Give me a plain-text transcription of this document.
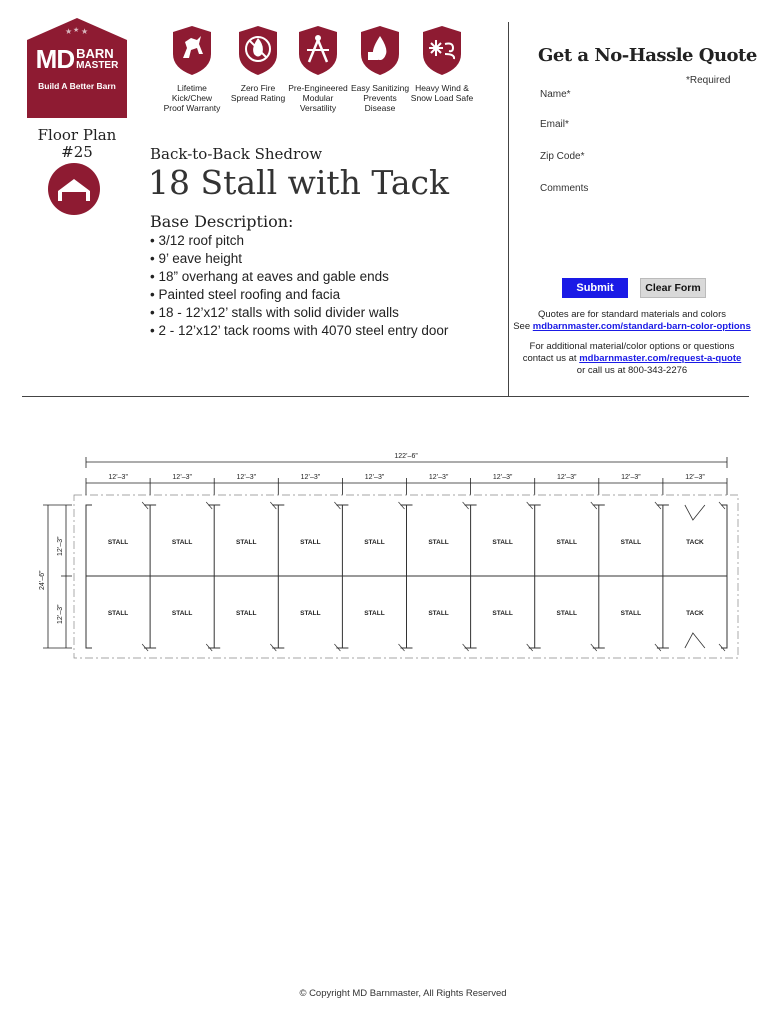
★ ★ ★
MD BARN
MASTER
Build A Better Barn	Lifetime Kick/Chew
Proof Warranty
Zero Fire
Spread Rating
Pre-Engineered
Modular Versatility
Easy Sanitizing
Prevents Disease
Heavy Wind &
Snow Load Safe
Floor Plan
#25	Back-to-Back Shedrow
18 Stall with Tack
Base Description:
• 3/12 roof pitch
• 9’ eave height
• 18” overhang at eaves and gable ends
• Painted steel roofing and facia
• 18 - 12’x12’ stalls with solid divider walls
• 2 - 12’x12’ tack rooms with 4070 steel entry door
Get a No-Hassle Quote
*Required
Name*
Email*
Zip Code*
Comments
Submit	Clear Form
Quotes are for standard materials and colors
See mdbarnmaster.com/standard-barn-color-options
For additional material/color options or questions
contact us at mdbarnmaster.com/request-a-quote
or call us at 800-343-2276
122’–6”
12’–3”	12’–3”	12’–3”	12’–3”	12’–3”	12’–3”	12’–3”	12’–3”	12’–3”	12’–3”
STALL
STALL
STALL
STALL
STALL
STALL
STALL
STALL
STALL
STALL
STALL
STALL
STALL
STALL
STALL
STALL
STALL
STALL
TACK
TACK
24’–6”
12’–3”
12’–3”
© Copyright MD Barnmaster, All Rights Reserved
